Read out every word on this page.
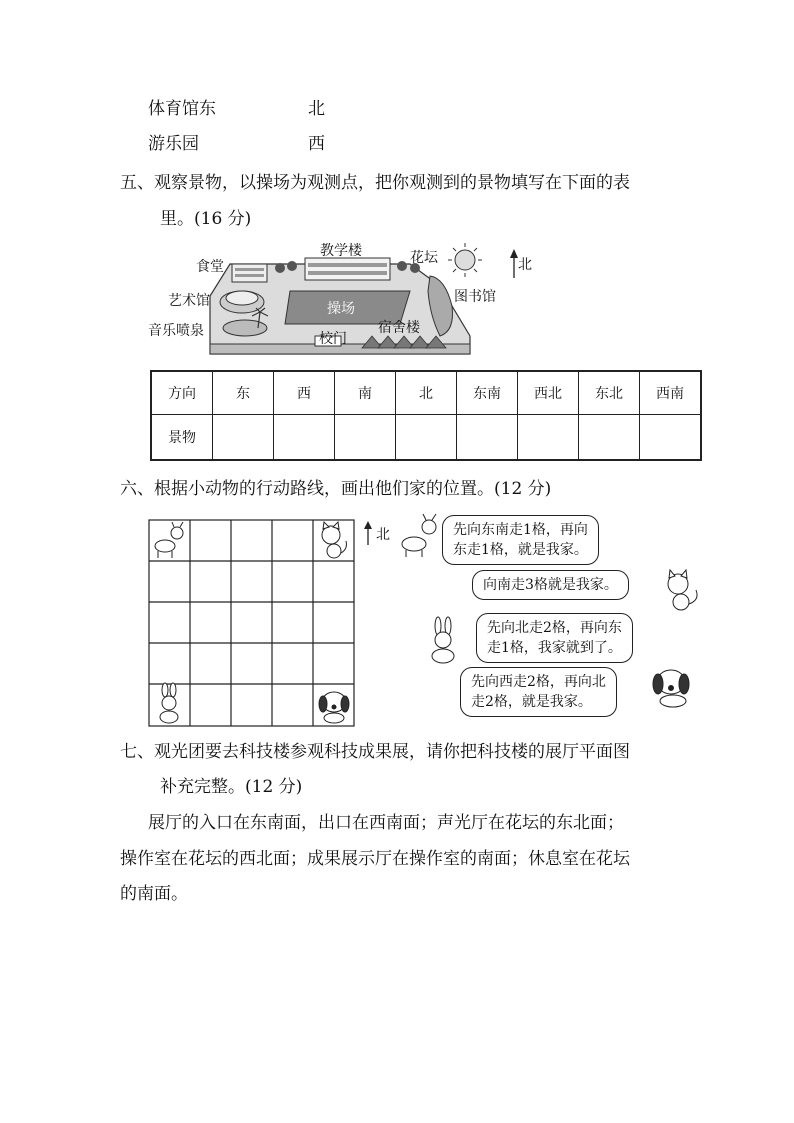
体育馆东	北
游乐园	西
五、观察景物，以操场为观测点，把你观测到的景物填写在下面的表
里。(16 分)
食堂
教学楼	花坛	北
艺术馆	图书馆
操场
音乐喷泉	宿舍楼
校门
方向	东	西	南	北	东南	西北	东北	西南
景物								
六、根据小动物的行动路线，画出他们家的位置。(12 分)
北	先向东南走1格，再向
东走1格，就是我家。
向南走3格就是我家。
先向北走2格，再向东
走1格，我家就到了。
先向西走2格，再向北
走2格，就是我家。
七、观光团要去科技楼参观科技成果展，请你把科技楼的展厅平面图
补充完整。(12 分)
展厅的入口在东南面，出口在西南面；声光厅在花坛的东北面；
操作室在花坛的西北面；成果展示厅在操作室的南面；休息室在花坛
的南面。
